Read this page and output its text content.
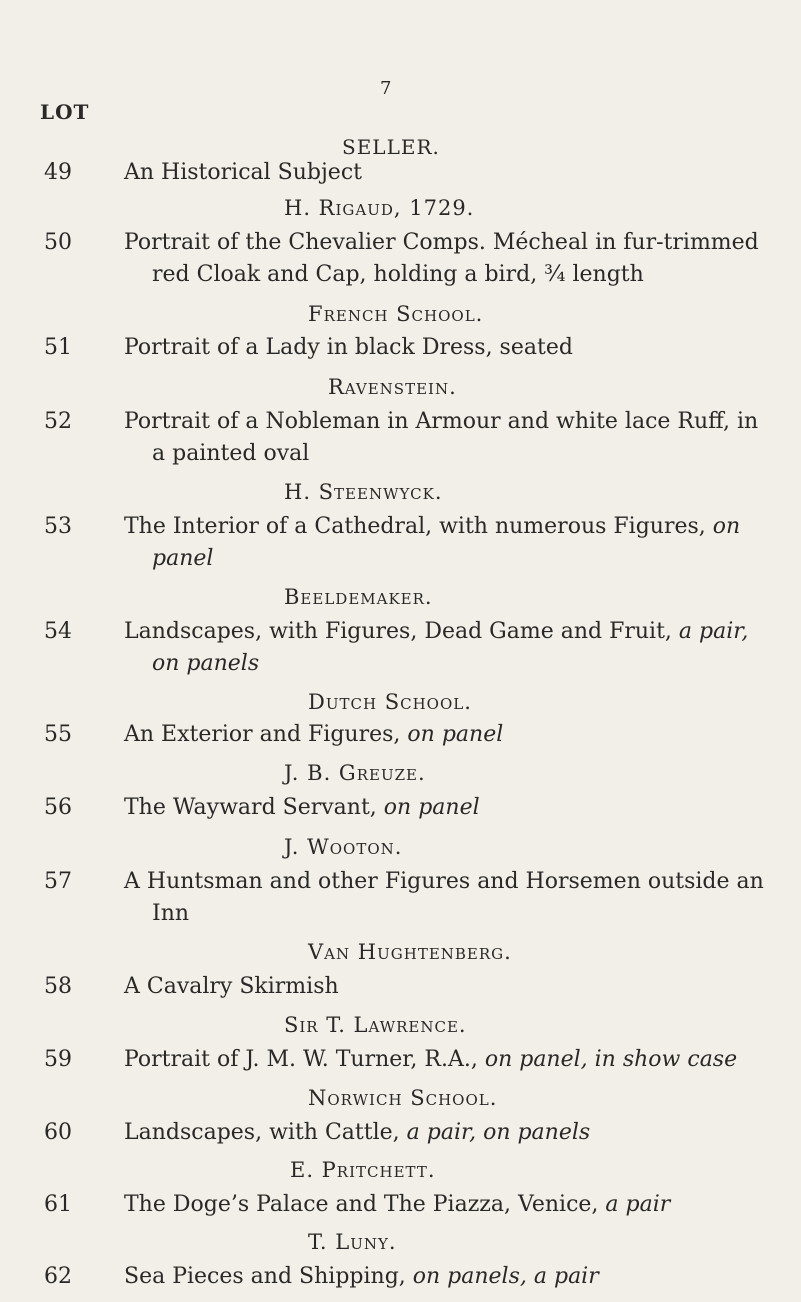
7
LOT
SELLER.
49 An Historical Subject
H. Rigaud, 1729.
50 Portrait of the Chevalier Comps. Mécheal in fur-trimmed
red Cloak and Cap, holding a bird, ¾ length
French School.
51 Portrait of a Lady in black Dress, seated
Ravenstein.
52 Portrait of a Nobleman in Armour and white lace Ruff, in
a painted oval
H. Steenwyck.
53 The Interior of a Cathedral, with numerous Figures, on
panel
Beeldemaker.
54 Landscapes, with Figures, Dead Game and Fruit, a pair,
on panels
Dutch School.
55 An Exterior and Figures, on panel
J. B. Greuze.
56 The Wayward Servant, on panel
J. Wooton.
57 A Huntsman and other Figures and Horsemen outside an
Inn
Van Hughtenberg.
58 A Cavalry Skirmish
Sir T. Lawrence.
59 Portrait of J. M. W. Turner, R.A., on panel, in show case
Norwich School.
60 Landscapes, with Cattle, a pair, on panels
E. Pritchett.
61 The Doge’s Palace and The Piazza, Venice, a pair
T. Luny.
62 Sea Pieces and Shipping, on panels, a pair
